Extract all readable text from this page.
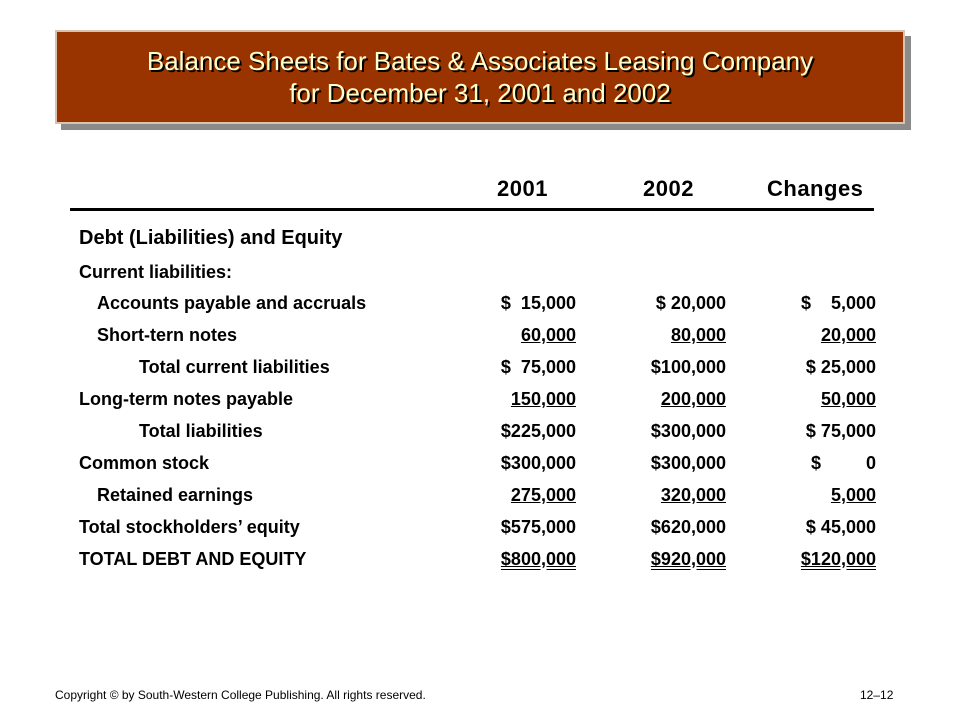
Balance Sheets for Bates & Associates Leasing Company
for December 31, 2001 and 2002
2001	2002	Changes
Debt (Liabilities) and Equity
Current liabilities:
Accounts payable and accruals	$  15,000	$ 20,000	$    5,000
Short-tern notes	60,000	80,000	20,000
Total current liabilities	$  75,000	$100,000	$ 25,000
Long-term notes payable	150,000	200,000	50,000
Total liabilities	$225,000	$300,000	$ 75,000
Common stock	$300,000	$300,000	$         0
Retained earnings	275,000	320,000	5,000
Total stockholders’ equity	$575,000	$620,000	$ 45,000
TOTAL DEBT AND EQUITY	$800,000	$920,000	$120,000
Copyright © by South-Western College Publishing. All rights reserved.	12–12
